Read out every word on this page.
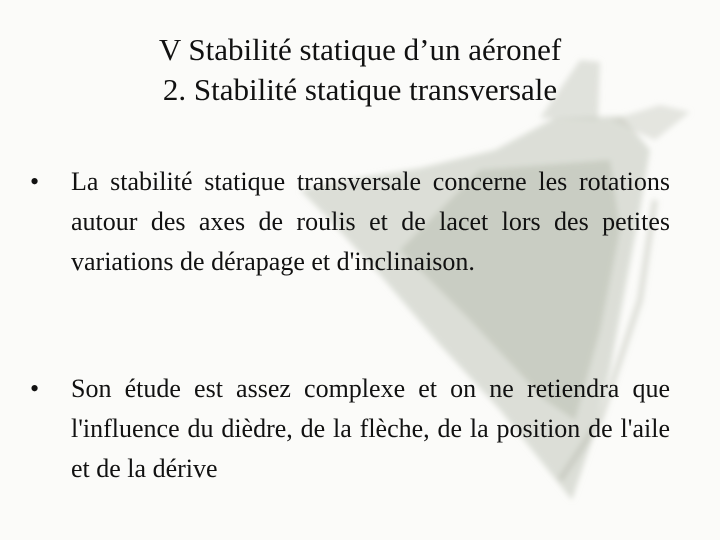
V Stabilité statique d’un aéronef
2. Stabilité statique transversale
• La stabilité statique transversale concerne les rotations autour des axes de roulis et de lacet lors des petites variations de dérapage et d'inclinaison.
• Son étude est assez complexe et on ne retiendra que l'influence du dièdre, de la flèche, de la position de l'aile et de la dérive
